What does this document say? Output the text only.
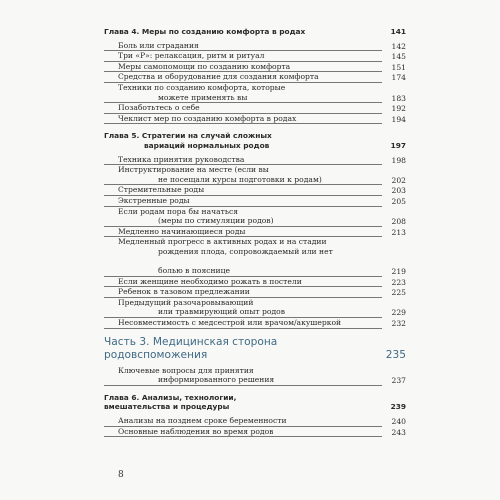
Глава 4. Меры по созданию комфорта в родах	141
Боль или страдания	142
Три «Р»: релаксация, ритм и ритуал	145
Меры самопомощи по созданию комфорта	151
Средства и оборудование для создания комфорта	174
Техники по созданию комфорта, которые

можете применять вы	183
Позаботьтесь о себе	192
Чеклист мер по созданию комфорта в родах	194
Глава 5. Стратегии на случай сложных

вариаций нормальных родов	197
Техника принятия руководства	198
Инструктирование на месте (если вы

не посещали курсы подготовки к родам)	202
Стремительные роды	203
Экстренные роды	205
Если родам пора бы начаться

(меры по стимуляции родов)	208
Медленно начинающиеся роды	213
Медленный прогресс в активных родах и на стадии

рождения плода, сопровождаемый или нет

болью в пояснице	219
Если женщине необходимо рожать в постели	223
Ребенок в тазовом предлежании	225
Предыдущий разочаровывающий

или травмирующий опыт родов	229
Несовместимость с медсестрой или врачом/акушеркой	232
Часть 3. Медицинская сторона
родовспоможения	235
Ключевые вопросы для принятия

информированного решения	237
Глава 6. Анализы, технологии,
вмешательства и процедуры	239
Анализы на позднем сроке беременности	240
Основные наблюдения во время родов	243
8
